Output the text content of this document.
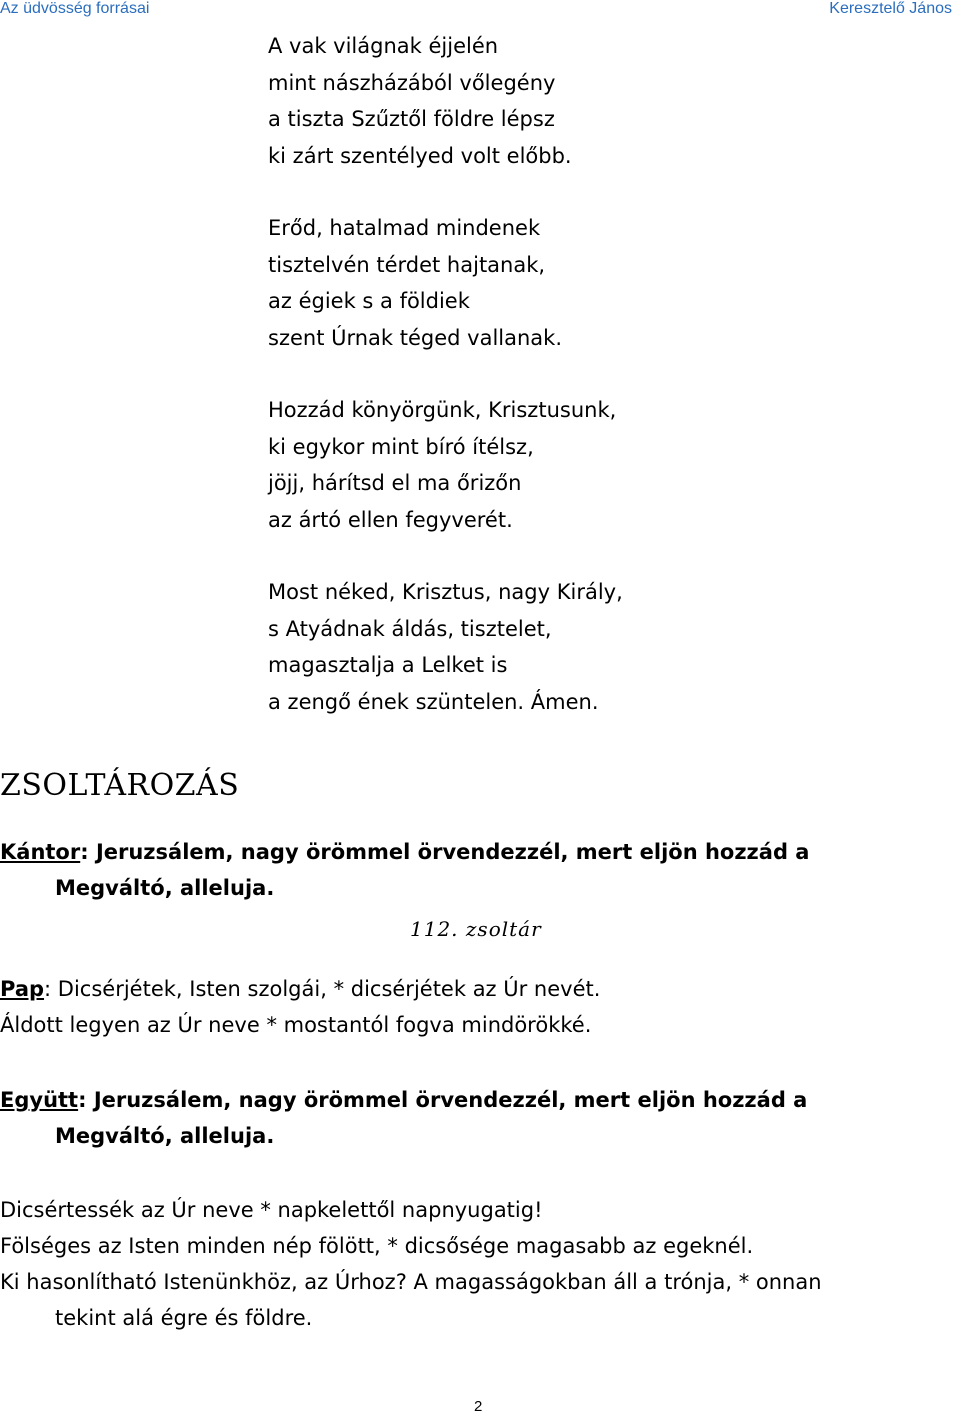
Az üdvösség forrásai	Keresztelő János
A vak világnak éjjelén
mint nászházából vőlegény
a tiszta Szűztől földre lépsz
ki zárt szentélyed volt előbb.
Erőd, hatalmad mindenek
tisztelvén térdet hajtanak,
az égiek s a földiek
szent Úrnak téged vallanak.
Hozzád könyörgünk, Krisztusunk,
ki egykor mint bíró ítélsz,
jöjj, hárítsd el ma őrizőn
az ártó ellen fegyverét.
Most néked, Krisztus, nagy Király,
s Atyádnak áldás, tisztelet,
magasztalja a Lelket is
a zengő ének szüntelen. Ámen.
ZSOLTÁROZÁS
Kántor: Jeruzsálem, nagy örömmel örvendezzél, mert eljön hozzád a
Megváltó, alleluja.
112. zsoltár
Pap: Dicsérjétek, Isten szolgái, * dicsérjétek az Úr nevét.
Áldott legyen az Úr neve * mostantól fogva mindörökké.
Együtt: Jeruzsálem, nagy örömmel örvendezzél, mert eljön hozzád a
Megváltó, alleluja.
Dicsértessék az Úr neve * napkelettől napnyugatig!
Fölséges az Isten minden nép fölött, * dicsősége magasabb az egeknél.
Ki hasonlítható Istenünkhöz, az Úrhoz? A magasságokban áll a trónja, * onnan
tekint alá égre és földre.
2
